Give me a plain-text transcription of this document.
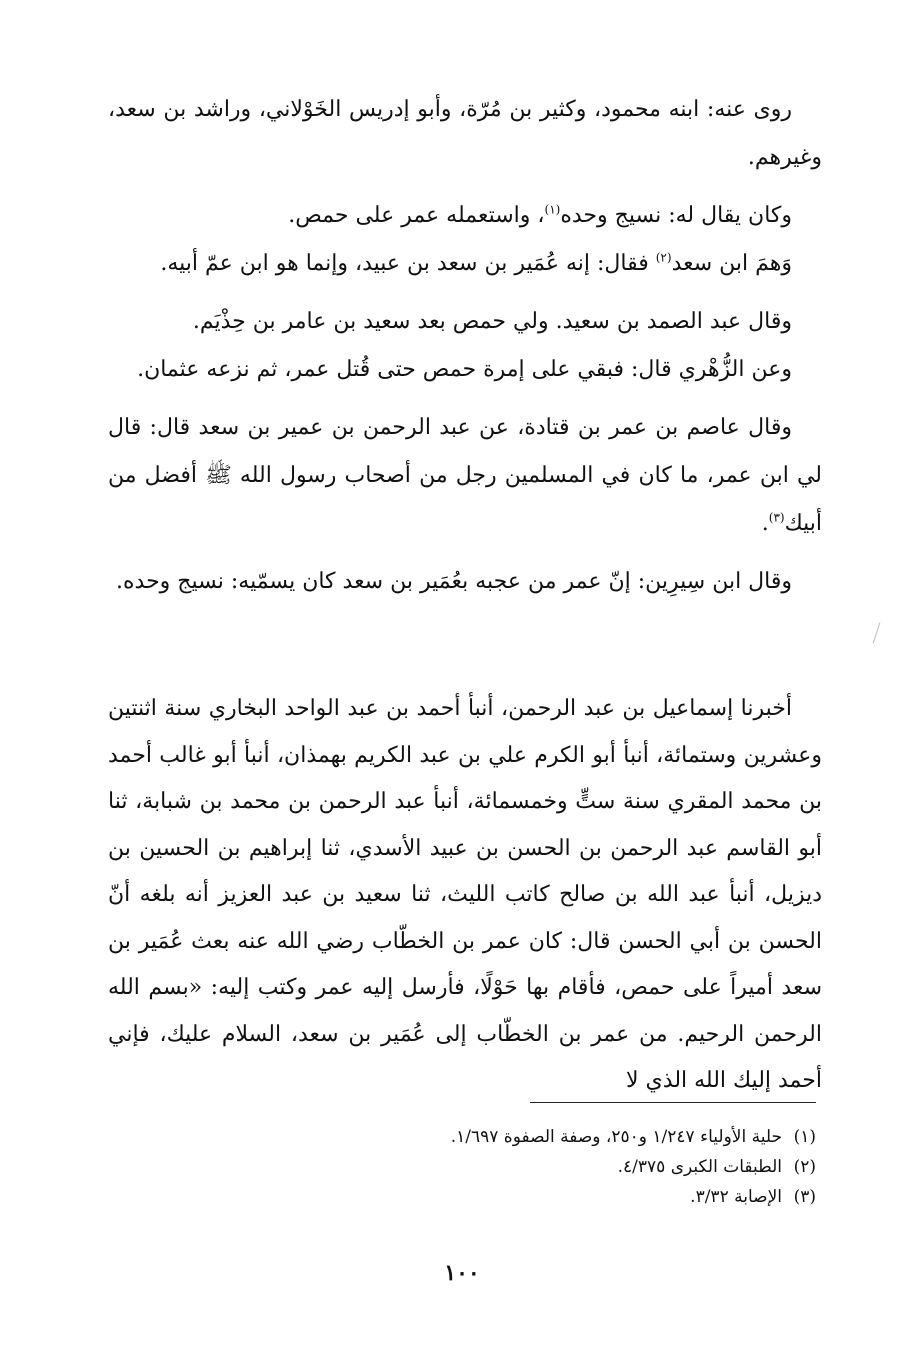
روى عنه: ابنه محمود، وكثير بن مُرّة، وأبو إدريس الخَوْلاني، وراشد بن سعد، وغيرهم.

وكان يقال له: نسيج وحده$^{(١)}$، واستعمله عمر على حمص.

وَهمَ ابن سعد$^{(٢)}$ فقال: إنه عُمَير بن سعد بن عبيد، وإنما هو ابن عمّ أبيه.

وقال عبد الصمد بن سعيد. ولي حمص بعد سعيد بن عامر بن حِذْيَم.

وعن الزُّهْري قال: فبقي على إمرة حمص حتى قُتل عمر، ثم نزعه عثمان.

وقال عاصم بن عمر بن قتادة، عن عبد الرحمن بن عمير بن سعد قال: قال لي ابن عمر، ما كان في المسلمين رجل من أصحاب رسول الله ﷺ أفضل من أبيك$^{(٣)}$.

وقال ابن سِيرِين: إنّ عمر من عجبه بعُمَير بن سعد كان يسمّيه: نسيج وحده.

أخبرنا إسماعيل بن عبد الرحمن، أنبأ أحمد بن عبد الواحد البخاري سنة اثنتين وعشرين وستمائة، أنبأ أبو الكرم علي بن عبد الكريم بهمذان، أنبأ أبو غالب أحمد بن محمد المقري سنة ستٍّ وخمسمائة، أنبأ عبد الرحمن بن محمد بن شبابة، ثنا أبو القاسم عبد الرحمن بن الحسن بن عبيد الأسدي، ثنا إبراهيم بن الحسين بن ديزيل، أنبأ عبد الله بن صالح كاتب الليث، ثنا سعيد بن عبد العزيز أنه بلغه أنّ الحسن بن أبي الحسن قال: كان عمر بن الخطّاب رضي الله عنه بعث عُمَير بن سعد أميراً على حمص، فأقام بها حَوْلًا، فأرسل إليه عمر وكتب إليه: «بسم الله الرحمن الرحيم. من عمر بن الخطّاب إلى عُمَير بن سعد، السلام عليك، فإني أحمد إليك الله الذي لا

(١)حلية الأولياء ١/٢٤٧ و٢٥٠، وصفة الصفوة ١/٦٩٧.

(٢)الطبقات الكبرى ٤/٣٧٥.

(٣)الإصابة ٣/٣٢.

١٠٠
